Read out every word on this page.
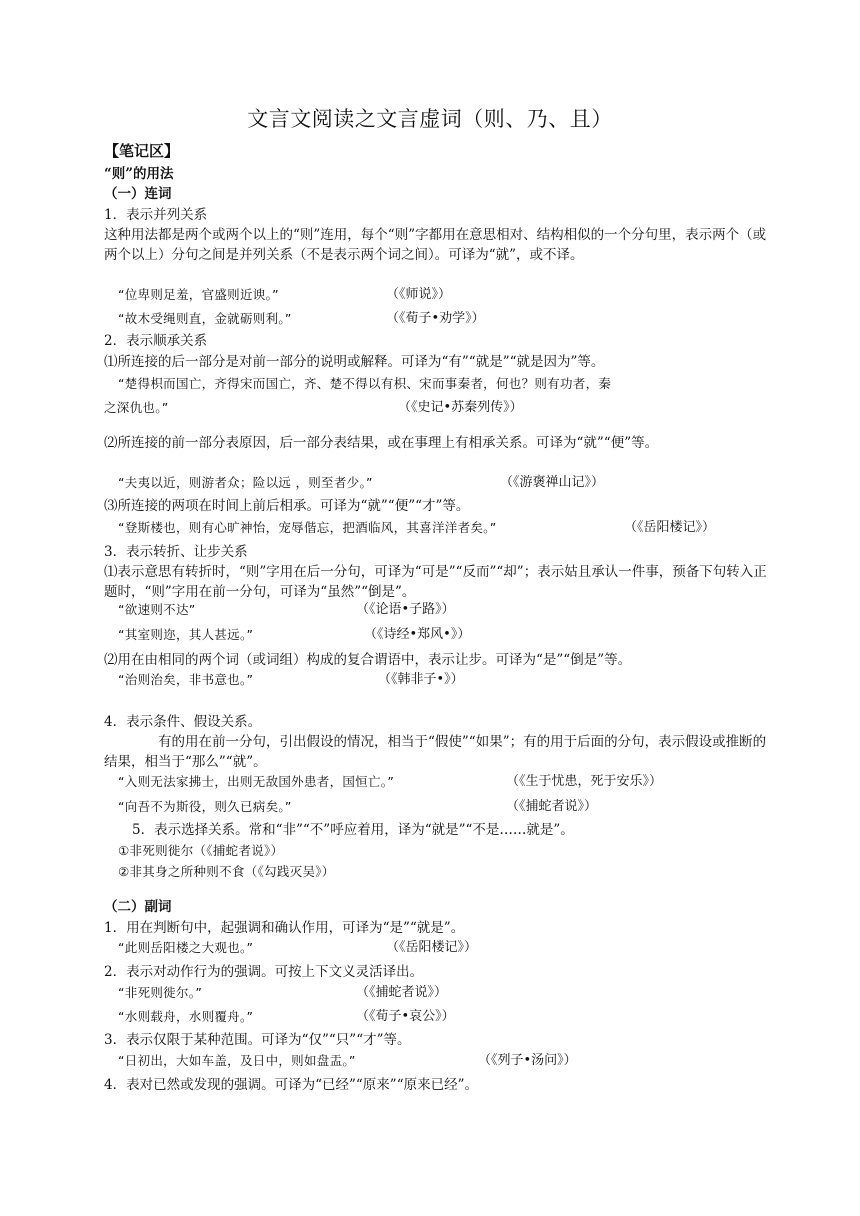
文言文阅读之文言虚词（则、乃、且）
【笔记区】
“则”的用法
（一）连词
1．表示并列关系
这种用法都是两个或两个以上的“则”连用，每个“则”字都用在意思相对、结构相似的一个分句里，表示两个（或两个以上）分句之间是并列关系（不是表示两个词之间）。可译为“就”，或不译。
“位卑则足羞，官盛则近谀。”	（《师说》）
“故木受绳则直，金就砺则利。”	（《荀子•劝学》）
2．表示顺承关系
⑴所连接的后一部分是对前一部分的说明或解释。可译为“有”“就是”“就是因为”等。
“楚得枳而国亡，齐得宋而国亡，齐、楚不得以有枳、宋而事秦者，何也？则有功者，秦
之深仇也。”	（《史记•苏秦列传》）
⑵所连接的前一部分表原因，后一部分表结果，或在事理上有相承关系。可译为“就”“便”等。
“夫夷以近，则游者众；险以远 ，则至者少。”	（《游褒禅山记》）
⑶所连接的两项在时间上前后相承。可译为“就”“便”“才”等。
“登斯楼也，则有心旷神怡，宠辱偕忘，把酒临风，其喜洋洋者矣。”	（《岳阳楼记》）
3．表示转折、让步关系
⑴表示意思有转折时，“则”字用在后一分句，可译为“可是”“反而”“却”；表示姑且承认一件事，预备下句转入正题时，“则”字用在前一分句，可译为“虽然”“倒是”。
“欲速则不达”	（《论语•子路》）
“其室则迩，其人甚远。”	（《诗经•郑风•》）
⑵用在由相同的两个词（或词组）构成的复合谓语中，表示让步。可译为“是”“倒是”等。
“治则治矣，非书意也。”	（《韩非子•》）
4．表示条件、假设关系。
有的用在前一分句，引出假设的情况，相当于“假使”“如果”；有的用于后面的分句，表示假设或推断的结果，相当于“那么”“就”。
“入则无法家拂士，出则无敌国外患者，国恒亡。”	（《生于忧患，死于安乐》）
“向吾不为斯役，则久已病矣。”	（《捕蛇者说》）
5．表示选择关系。常和“非”“不”呼应着用，译为“就是”“不是……就是”。
①非死则徙尔（《捕蛇者说》）
②非其身之所种则不食（《勾践灭吴》）
（二）副词
1．用在判断句中，起强调和确认作用，可译为“是”“就是”。
“此则岳阳楼之大观也。”	（《岳阳楼记》）
2．表示对动作行为的强调。可按上下文义灵活译出。
“非死则徙尔。”	（《捕蛇者说》）
“水则载舟，水则覆舟。”	（《荀子•哀公》）
3．表示仅限于某种范围。可译为“仅”“只”“才”等。
“日初出，大如车盖，及日中，则如盘盂。”	（《列子•汤问》）
4．表对已然或发现的强调。可译为“已经”“原来”“原来已经”。
